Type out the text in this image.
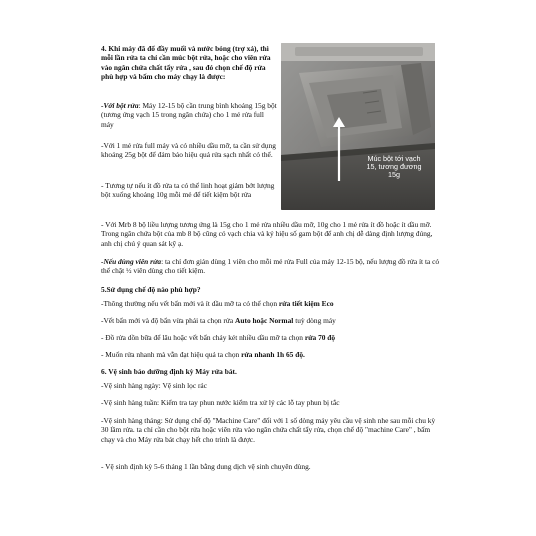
4. Khi máy đã đổ đầy muối và nước bóng (trợ xả), thì mỗi lần rửa ta chỉ cần múc bột rửa, hoặc cho viên rửa vào ngăn chứa chất tẩy rửa , sau đó chọn chế độ rửa phù hợp và bấm cho máy chạy là được:

-Với bột rửa: Máy 12-15 bộ cần trung bình khoảng 15g bột (tương ứng vạch 15 trong ngăn chứa) cho 1 mẻ rửa full máy

-Với 1 mẻ rửa full máy và có nhiều dầu mỡ, ta cần sử dụng khoảng 25g bột để đảm bảo hiệu quả rửa sạch nhất có thể.

- Tương tự nếu ít đồ rửa ta có thể linh hoạt giảm bớt lượng bột xuống khoảng 10g mỗi mẻ để tiết kiệm bột rửa

- Với Mrb 8 bộ liều lượng tương ứng là 15g cho 1 mẻ rửa nhiều dầu mỡ, 10g cho 1 mẻ rửa ít đồ hoặc ít dầu mỡ. Trong ngăn chứa bột của mb 8 bộ cũng có vạch chia và ký hiệu số gam bột để anh chị dễ dàng định lượng đúng, anh chị chú ý quan sát kỹ ạ.

-Nếu dùng viên rửa: ta chỉ đơn giản dùng 1 viên cho mỗi mẻ rửa Full của máy 12-15 bộ, nếu lượng đồ rửa ít ta có thể chặt ½ viên dùng cho tiết kiệm.

5.Sử dụng chế độ nào phù hợp?

-Thông thường nếu vết bẩn mới và ít dầu mỡ ta có thể chọn rửa tiết kiệm Eco

-Vết bẩn mới và độ bẩn vừa phải ta chọn rửa Auto hoặc Normal tuỳ dòng máy

- Đồ rửa dồn bữa để lâu hoặc vết bẩn cháy két nhiều dầu mỡ ta chọn rửa 70 độ

- Muốn rửa nhanh mà vẫn đạt hiệu quả ta chọn rửa nhanh 1h 65 độ.

6. Vệ sinh bảo dưỡng định kỳ Máy rửa bát.

-Vệ sinh hàng ngày: Vệ sinh lọc rác

-Vệ sinh hàng tuần: Kiểm tra tay phun nước kiểm tra xử lý các lỗ tay phun bị tắc

-Vệ sinh hàng tháng: Sử dụng chế độ "Machine Care" đối với 1 số dòng máy yêu cầu vệ sinh nhe sau mỗi chu kỳ 30 lầm rửa. ta chỉ cần cho bột rửa hoặc viên rửa vào ngăn chứa chất tẩy rửa, chọn chế độ "machine Care" , bấm chạy và cho Máy rửa bát chạy hết cho trình là được.

- Vệ sinh định kỳ 5-6 tháng 1 lần bằng dung dịch vệ sinh chuyên dùng.

Múc bột tới vạch
15, tương đương
15g
